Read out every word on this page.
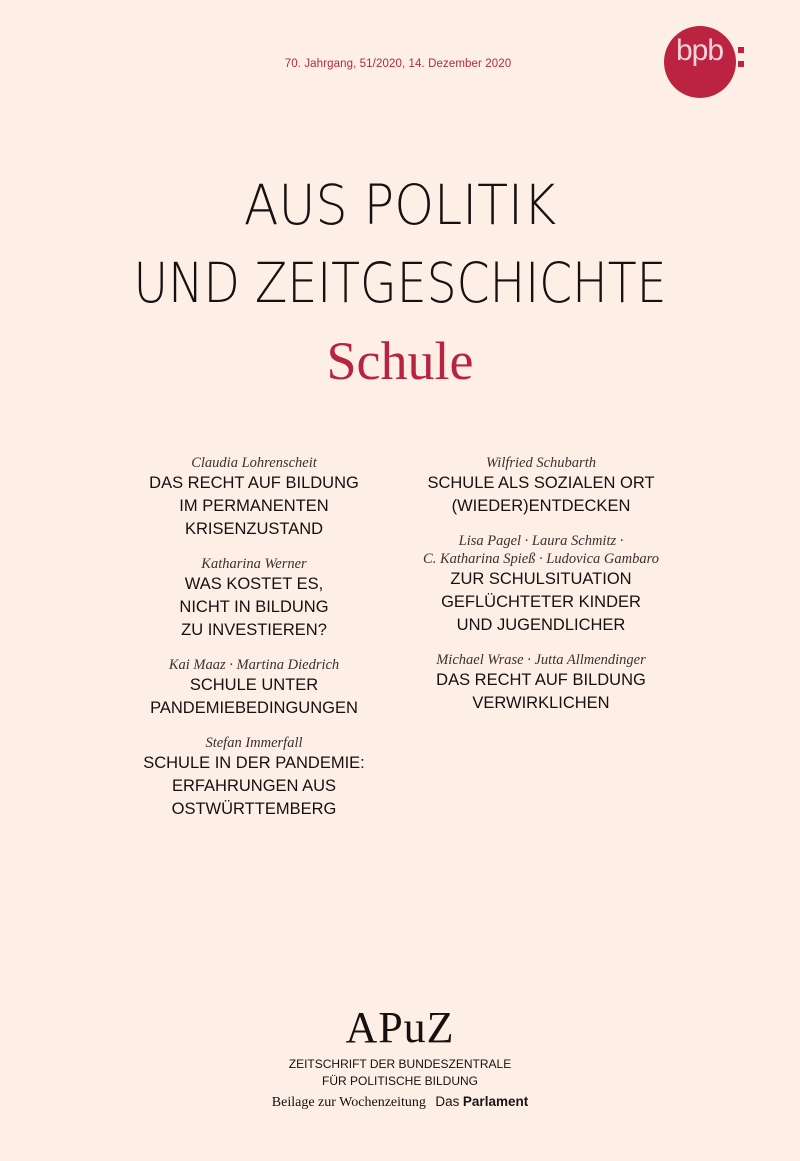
70. Jahrgang, 51/2020, 14. Dezember 2020	bpb
AUS POLITIK
UND ZEITGESCHICHTE
Schule
Claudia Lohrenscheit
DAS RECHT AUF BILDUNG
IM PERMANENTEN
KRISENZUSTAND
Katharina Werner
WAS KOSTET ES,
NICHT IN BILDUNG
ZU INVESTIEREN?
Kai Maaz · Martina Diedrich
SCHULE UNTER
PANDEMIEBEDINGUNGEN
Stefan Immerfall
SCHULE IN DER PANDEMIE:
ERFAHRUNGEN AUS
OSTWÜRTTEMBERG
Wilfried Schubarth
SCHULE ALS SOZIALEN ORT
(WIEDER)ENTDECKEN
Lisa Pagel · Laura Schmitz ·
C. Katharina Spieß · Ludovica Gambaro
ZUR SCHULSITUATION
GEFLÜCHTETER KINDER
UND JUGENDLICHER
Michael Wrase · Jutta Allmendinger
DAS RECHT AUF BILDUNG
VERWIRKLICHEN
APuZ
ZEITSCHRIFT DER BUNDESZENTRALE
FÜR POLITISCHE BILDUNG
Beilage zur Wochenzeitung Das Parlament
